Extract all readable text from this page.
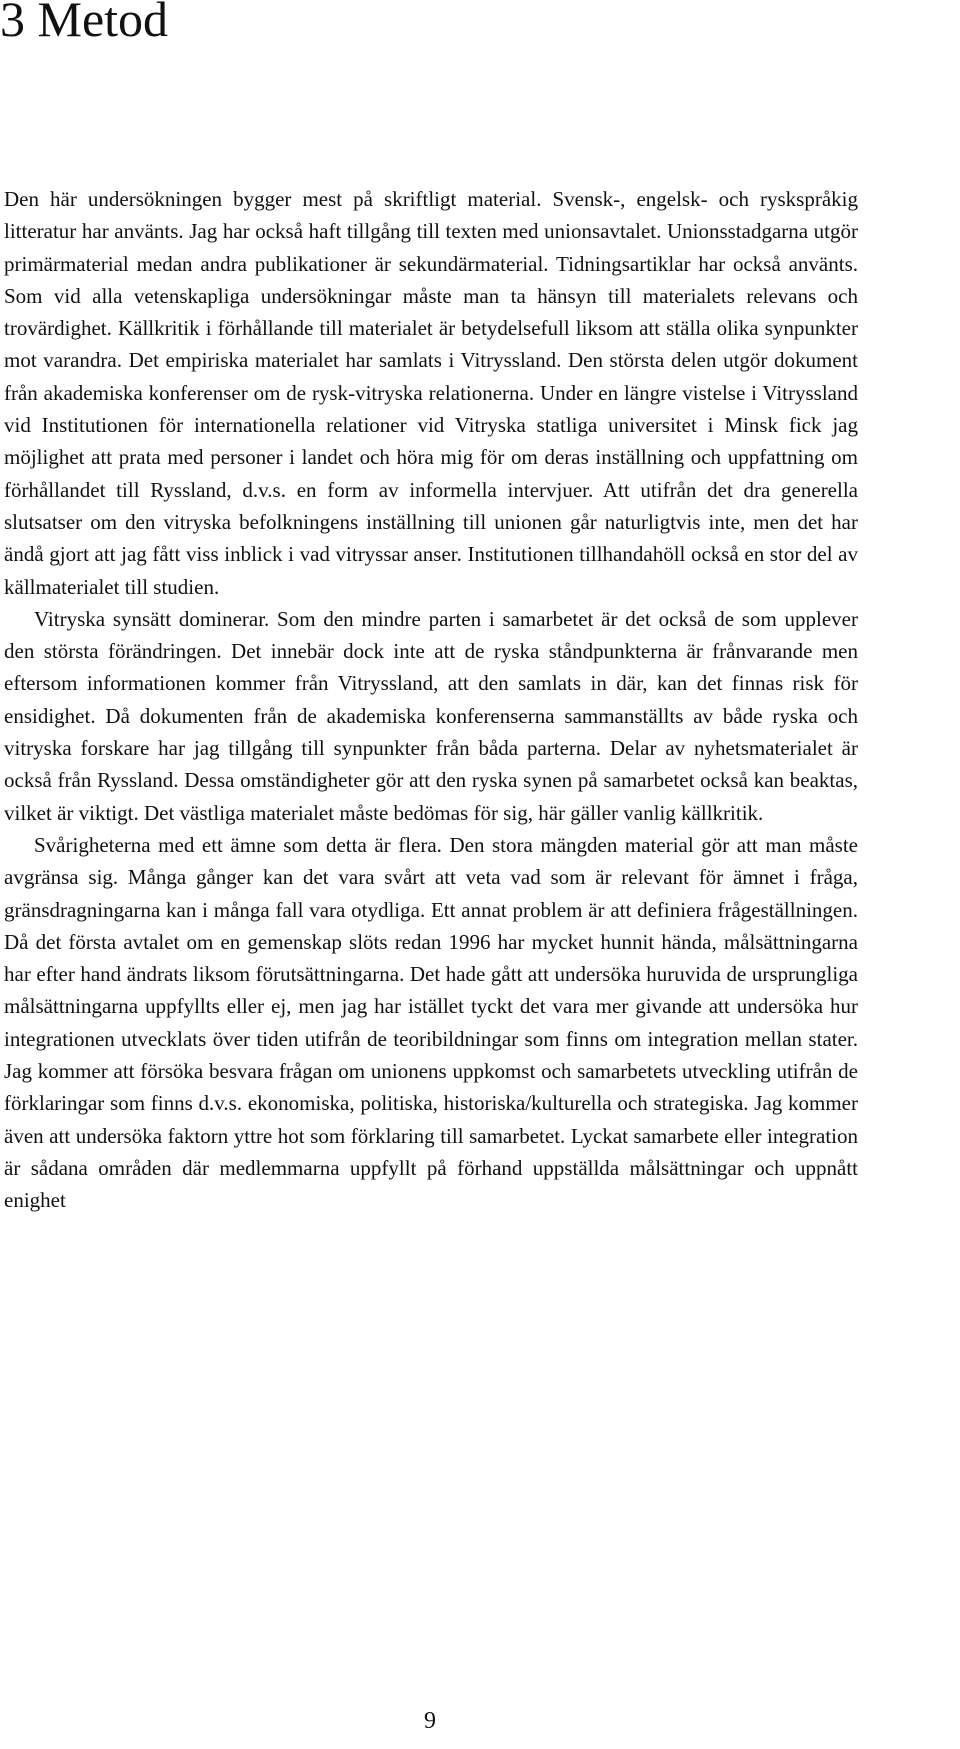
3 Metod

Den här undersökningen bygger mest på skriftligt material. Svensk-, engelsk- och ryskspråkig litteratur har använts. Jag har också haft tillgång till texten med unionsavtalet. Unionsstadgarna utgör primärmaterial medan andra publikationer är sekundärmaterial. Tidningsartiklar har också använts. Som vid alla vetenskapliga undersökningar måste man ta hänsyn till materialets relevans och trovärdighet. Källkritik i förhållande till materialet är betydelsefull liksom att ställa olika synpunkter mot varandra. Det empiriska materialet har samlats i Vitryssland. Den största delen utgör dokument från akademiska konferenser om de rysk-vitryska relationerna. Under en längre vistelse i Vitryssland vid Institutionen för internationella relationer vid Vitryska statliga universitet i Minsk fick jag möjlighet att prata med personer i landet och höra mig för om deras inställning och uppfattning om förhållandet till Ryssland, d.v.s. en form av informella intervjuer. Att utifrån det dra generella slutsatser om den vitryska befolkningens inställning till unionen går naturligtvis inte, men det har ändå gjort att jag fått viss inblick i vad vitryssar anser. Institutionen tillhandahöll också en stor del av källmaterialet till studien.

Vitryska synsätt dominerar. Som den mindre parten i samarbetet är det också de som upplever den största förändringen. Det innebär dock inte att de ryska ståndpunkterna är frånvarande men eftersom informationen kommer från Vitryssland, att den samlats in där, kan det finnas risk för ensidighet. Då dokumenten från de akademiska konferenserna sammanställts av både ryska och vitryska forskare har jag tillgång till synpunkter från båda parterna. Delar av nyhetsmaterialet är också från Ryssland. Dessa omständigheter gör att den ryska synen på samarbetet också kan beaktas, vilket är viktigt. Det västliga materialet måste bedömas för sig, här gäller vanlig källkritik.

Svårigheterna med ett ämne som detta är flera. Den stora mängden material gör att man måste avgränsa sig. Många gånger kan det vara svårt att veta vad som är relevant för ämnet i fråga, gränsdragningarna kan i många fall vara otydliga. Ett annat problem är att definiera frågeställningen. Då det första avtalet om en gemenskap slöts redan 1996 har mycket hunnit hända, målsättningarna har efter hand ändrats liksom förutsättningarna. Det hade gått att undersöka huruvida de ursprungliga målsättningarna uppfyllts eller ej, men jag har istället tyckt det vara mer givande att undersöka hur integrationen utvecklats över tiden utifrån de teoribildningar som finns om integration mellan stater. Jag kommer att försöka besvara frågan om unionens uppkomst och samarbetets utveckling utifrån de förklaringar som finns d.v.s. ekonomiska, politiska, historiska/kulturella och strategiska. Jag kommer även att undersöka faktorn yttre hot som förklaring till samarbetet. Lyckat samarbete eller integration är sådana områden där medlemmarna uppfyllt på förhand uppställda målsättningar och uppnått enighet

9
